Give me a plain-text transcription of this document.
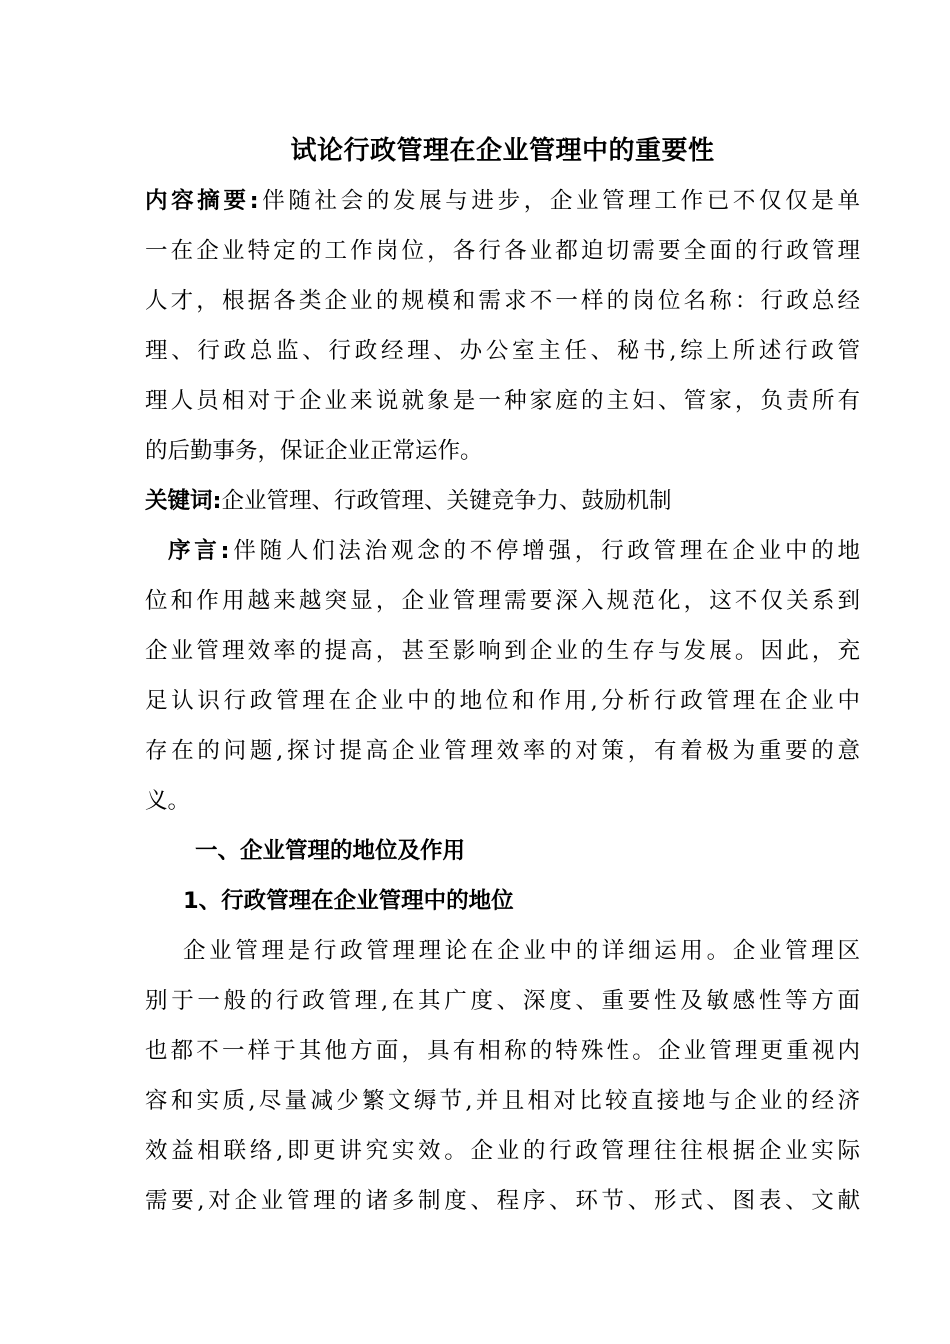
试论行政管理在企业管理中的重要性

内容摘要:伴随社会的发展与进步，企业管理工作已不仅仅是单

一在企业特定的工作岗位，各行各业都迫切需要全面的行政管理

人才，根据各类企业的规模和需求不一样的岗位名称：行政总经

理、行政总监、行政经理、办公室主任、秘书,综上所述行政管

理人员相对于企业来说就象是一种家庭的主妇、管家，负责所有

的后勤事务，保证企业正常运作。

关键词:企业管理、行政管理、关键竞争力、鼓励机制

序言:伴随人们法治观念的不停增强，行政管理在企业中的地

位和作用越来越突显，企业管理需要深入规范化，这不仅关系到

企业管理效率的提高，甚至影响到企业的生存与发展。因此，充

足认识行政管理在企业中的地位和作用,分析行政管理在企业中

存在的问题,探讨提高企业管理效率的对策，有着极为重要的意

义。

一、企业管理的地位及作用

1、行政管理在企业管理中的地位

企业管理是行政管理理论在企业中的详细运用。企业管理区

别于一般的行政管理,在其广度、深度、重要性及敏感性等方面

也都不一样于其他方面，具有相称的特殊性。企业管理更重视内

容和实质,尽量减少繁文缛节,并且相对比较直接地与企业的经济

效益相联络,即更讲究实效。企业的行政管理往往根据企业实际

需要,对企业管理的诸多制度、程序、环节、形式、图表、文献
